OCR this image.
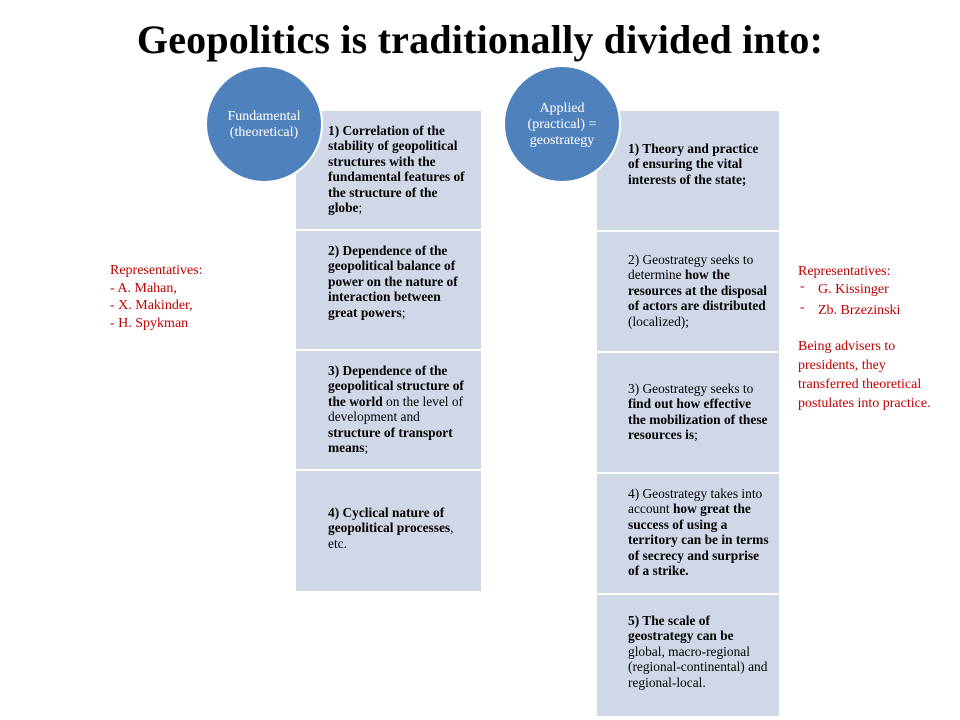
Geopolitics is traditionally divided into:
1) Correlation of the stability of geopolitical structures with the fundamental features of the structure of the globe;
2) Dependence of the geopolitical balance of power on the nature of interaction between great powers;
3) Dependence of the geopolitical structure of the world on the level of development and structure of transport means;
4) Cyclical nature of geopolitical processes, etc.
Fundamental (theoretical)
1) Theory and practice of ensuring the vital interests of the state;
2) Geostrategy seeks to determine how the resources at the disposal of actors are distributed (localized);
3) Geostrategy seeks to find out how effective the mobilization of these resources is;
4) Geostrategy takes into account how great the success of using a territory can be in terms of secrecy and surprise of a strike.
5) The scale of geostrategy can be global, macro-regional (regional-continental) and regional-local.
Applied (practical) = geostrategy
Representatives:
- A. Mahan,
- X. Makinder,
- H. Spykman
Representatives:
- G. Kissinger
- Zb. Brzezinski
Being advisers to presidents, they transferred theoretical postulates into practice.
